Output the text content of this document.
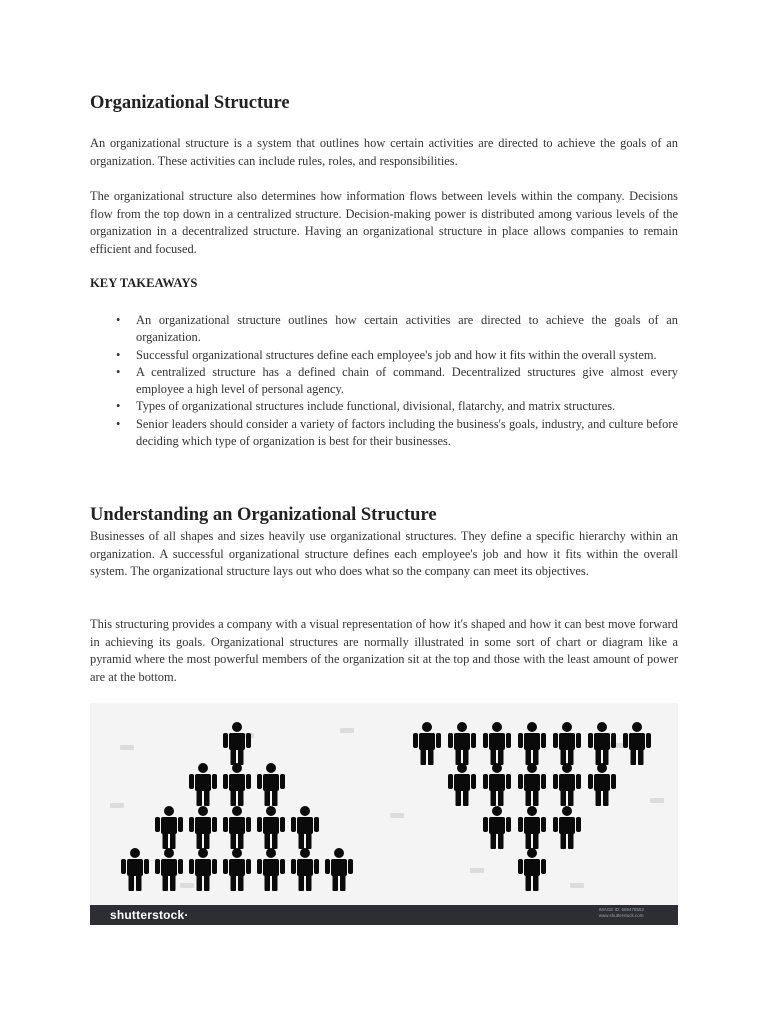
Organizational Structure

An organizational structure is a system that outlines how certain activities are directed to achieve the goals of an organization. These activities can include rules, roles, and responsibilities.

The organizational structure also determines how information flows between levels within the company. Decisions flow from the top down in a centralized structure. Decision-making power is distributed among various levels of the organization in a decentralized structure. Having an organizational structure in place allows companies to remain efficient and focused.

KEY TAKEAWAYS

• An organizational structure outlines how certain activities are directed to achieve the goals of an organization.
• Successful organizational structures define each employee's job and how it fits within the overall system.
• A centralized structure has a defined chain of command. Decentralized structures give almost every employee a high level of personal agency.
• Types of organizational structures include functional, divisional, flatarchy, and matrix structures.
• Senior leaders should consider a variety of factors including the business's goals, industry, and culture before deciding which type of organization is best for their businesses.
Understanding an Organizational Structure

Businesses of all shapes and sizes heavily use organizational structures. They define a specific hierarchy within an organization. A successful organizational structure defines each employee's job and how it fits within the overall system. The organizational structure lays out who does what so the company can meet its objectives.

This structuring provides a company with a visual representation of how it's shaped and how it can best move forward in achieving its goals. Organizational structures are normally illustrated in some sort of chart or diagram like a pyramid where the most powerful members of the organization sit at the top and those with the least amount of power are at the bottom.

shutterstock·	IMAGE ID: 689478562
www.shutterstock.com
